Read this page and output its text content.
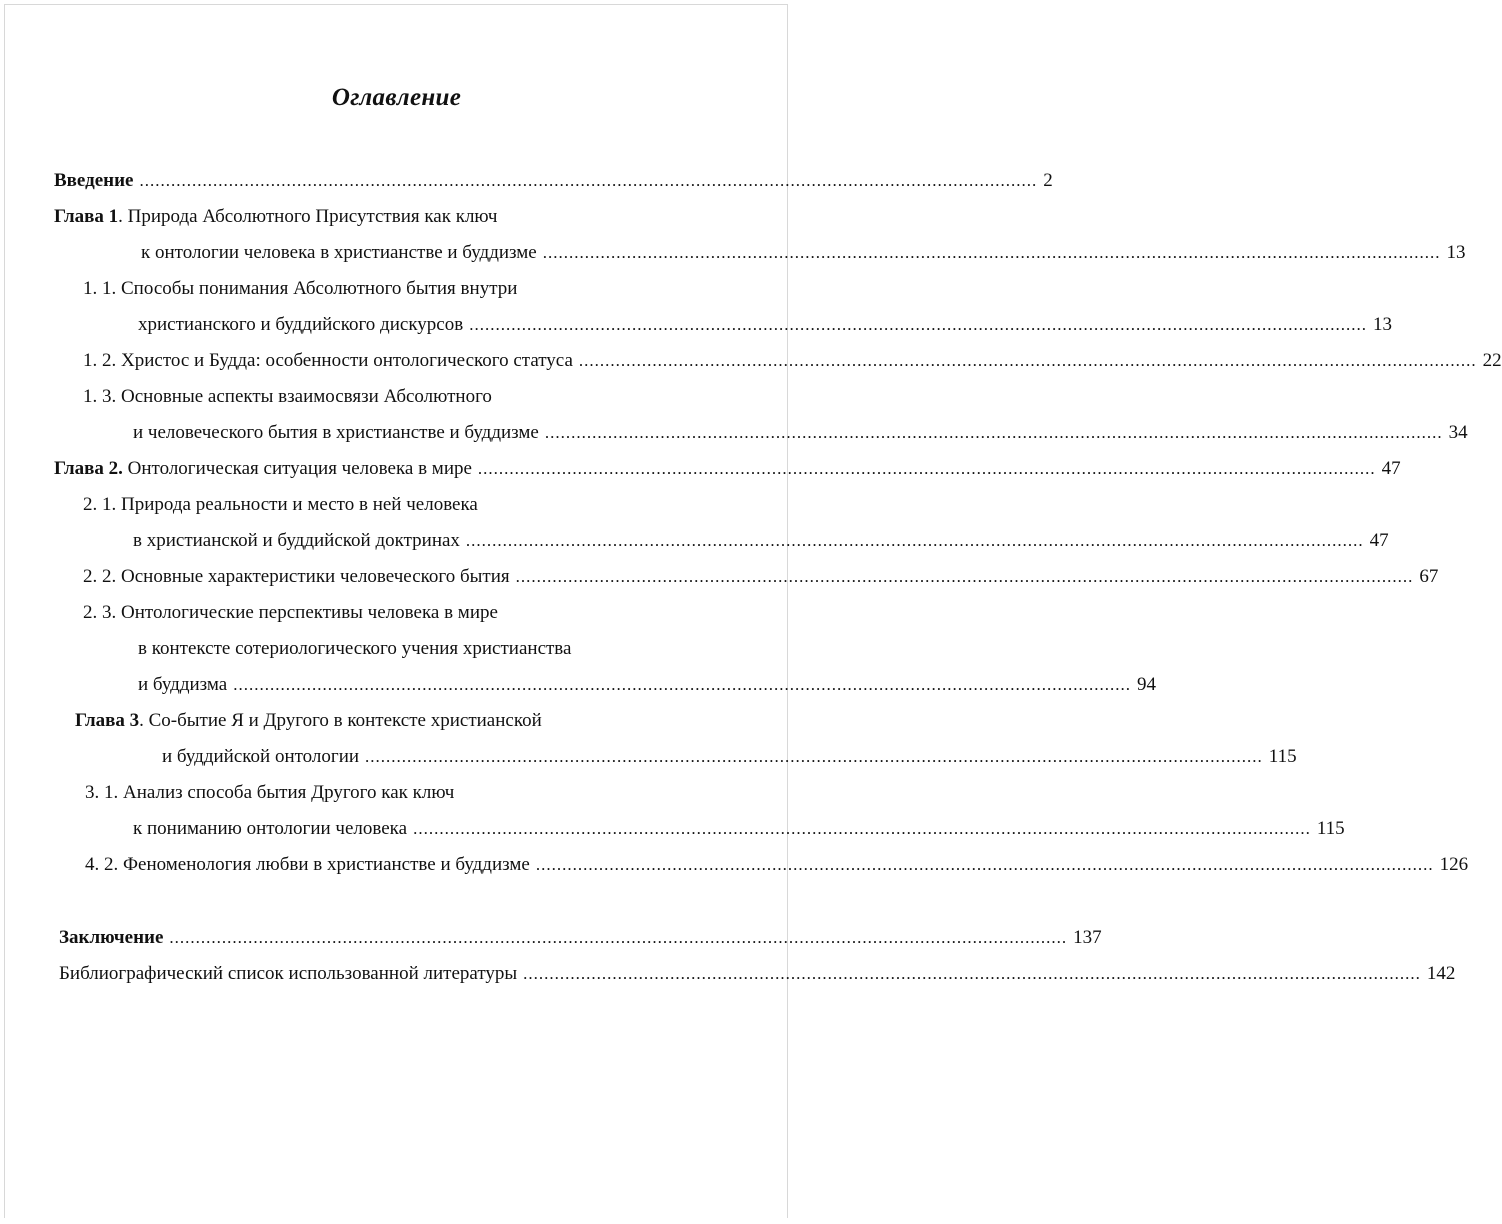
Оглавление
Введение ........................................................................................................................................................................... 2
Глава 1 . Природа Абсолютного Присутствия как ключ
к онтологии человека в христианстве и буддизме ........................................................................................................................................................................... 13
1. 1. Способы понимания Абсолютного бытия внутри
христианского и буддийского дискурсов ........................................................................................................................................................................... 13
1. 2. Христос и Будда: особенности онтологического статуса ........................................................................................................................................................................... 22
1. 3. Основные аспекты взаимосвязи Абсолютного
и человеческого бытия в христианстве и буддизме ........................................................................................................................................................................... 34
Глава 2. Онтологическая ситуация человека в мире ........................................................................................................................................................................... 47
2. 1. Природа реальности и место в ней человека
в христианской и буддийской доктринах ........................................................................................................................................................................... 47
2. 2. Основные характеристики человеческого бытия ........................................................................................................................................................................... 67
2. 3. Онтологические перспективы человека в мире
в контексте сотериологического учения христианства
и буддизма ........................................................................................................................................................................... 94
Глава 3 . Со-бытие Я и Другого в контексте христианской
и буддийской онтологии ........................................................................................................................................................................... 115
3. 1. Анализ способа бытия Другого как ключ
к пониманию онтологии человека ........................................................................................................................................................................... 115
4. 2. Феноменология любви в христианстве и буддизме ........................................................................................................................................................................... 126
Заключение ........................................................................................................................................................................... 137
Библиографический список использованной литературы ........................................................................................................................................................................... 142
